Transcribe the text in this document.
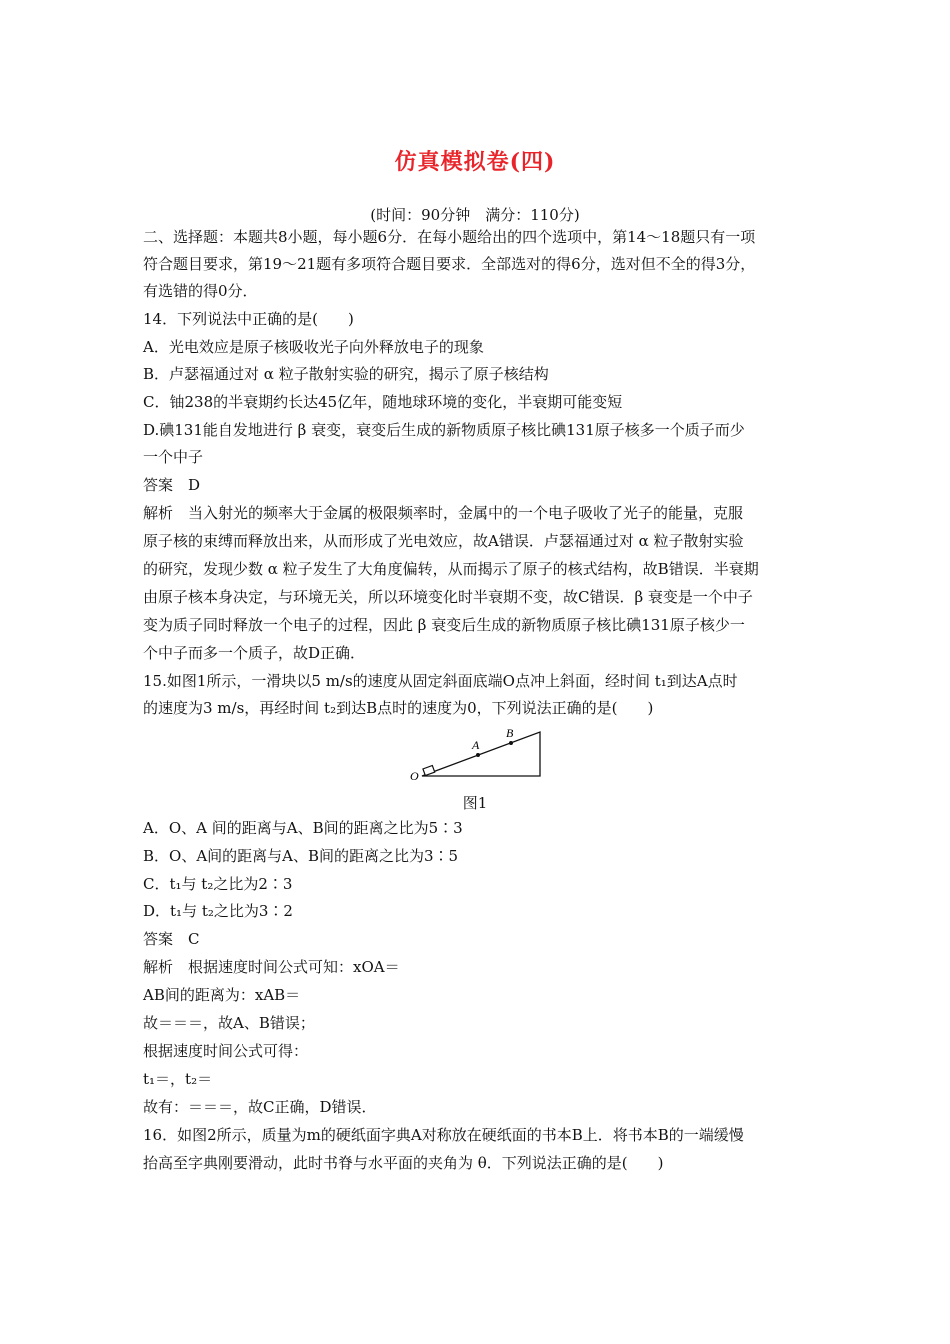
仿真模拟卷(四)
(时间：90分钟　满分：110分)
二、选择题：本题共8小题，每小题6分．在每小题给出的四个选项中，第14～18题只有一项
符合题目要求，第19～21题有多项符合题目要求．全部选对的得6分，选对但不全的得3分，
有选错的得0分．
14．下列说法中正确的是(　　)
A．光电效应是原子核吸收光子向外释放电子的现象
B．卢瑟福通过对 α 粒子散射实验的研究，揭示了原子核结构
C．铀238的半衰期约长达45亿年，随地球环境的变化，半衰期可能变短
D.碘131能自发地进行 β 衰变，衰变后生成的新物质原子核比碘131原子核多一个质子而少
一个中子
答案　D
解析　当入射光的频率大于金属的极限频率时，金属中的一个电子吸收了光子的能量，克服
原子核的束缚而释放出来，从而形成了光电效应，故A错误．卢瑟福通过对 α 粒子散射实验
的研究，发现少数 α 粒子发生了大角度偏转，从而揭示了原子的核式结构，故B错误．半衰期
由原子核本身决定，与环境无关，所以环境变化时半衰期不变，故C错误．β 衰变是一个中子
变为质子同时释放一个电子的过程，因此 β 衰变后生成的新物质原子核比碘131原子核少一
个中子而多一个质子，故D正确．
15.如图1所示，一滑块以5 m/s的速度从固定斜面底端O点冲上斜面，经时间 t₁到达A点时
的速度为3 m/s，再经时间 t₂到达B点时的速度为0，下列说法正确的是(　　)
O
A
B
图1
A．O、A 间的距离与A、B间的距离之比为5∶3
B．O、A间的距离与A、B间的距离之比为3∶5
C．t₁与 t₂之比为2∶3
D．t₁与 t₂之比为3∶2
答案　C
解析　根据速度时间公式可知：xOA＝
AB间的距离为：xAB＝
故＝＝＝，故A、B错误；
根据速度时间公式可得：
t₁＝，t₂＝
故有：＝＝＝，故C正确，D错误．
16．如图2所示，质量为m的硬纸面字典A对称放在硬纸面的书本B上．将书本B的一端缓慢
抬高至字典刚要滑动，此时书脊与水平面的夹角为 θ．下列说法正确的是(　　)
